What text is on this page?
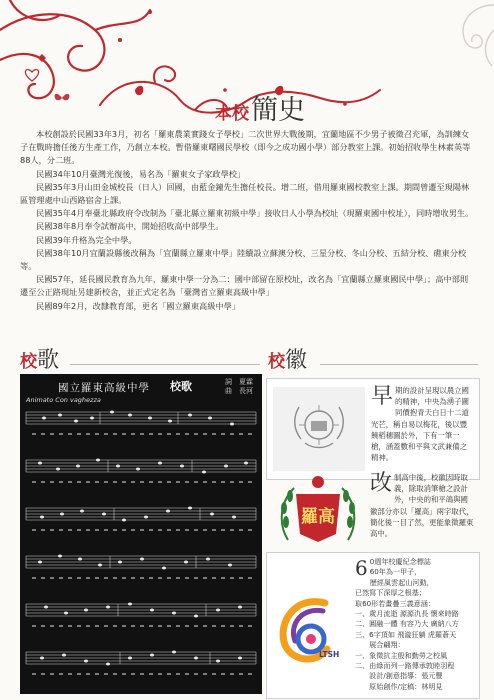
本校 簡史

本校創設於民國33年3月，初名「羅東農業實踐女子學校」二次世界大戰後期，宜蘭地區不少男子被徵召充軍，為訓練女子在戰時擔任後方生產工作，乃創立本校。暫借羅東曙國民學校（即今之成功國小學）部分教室上課。初始招收學生林素英等88人，分二班。

民國34年10月臺灣光復後，易名為「羅東女子家政學校」

民國35年3月山田金城校長（日人）回國，由藍金鐘先生擔任校長。增二班，借用羅東國校教室上課。期間曾遷至現陽林區管理處中山西路宿舍上課。

民國35年4月奉臺北縣政府令改制為「臺北縣立羅東初級中學」接收日人小學為校址（現羅東國中校址），同時增收男生。

民國38年8月奉令試辦高中，開始招收高中部學生。

民國39年升格為完全中學。

民國38年10月宜蘭設縣後改稱為「宜蘭縣立羅東中學」陸續設立蘇澳分校、三星分校、冬山分校、五結分校、礁東分校等。

民國57年，延長國民教育為九年，羅東中學一分為二：國中部留在原校址，改名為「宜蘭縣立羅東國民中學」；高中部則遷至公正路現址另建新校舍，並正式定名為「臺灣省立羅東高級中學」

民國89年2月，改隸教育部，更名「國立羅東高級中學」

校 歌	校 徽
國立羅東高級中學 校歌	詞　夏霖
曲　長河
Animato Con vaghezza	早期的設計呈現以農立國的精神，中央為湧子圖同價抱青天白日十二道光芒，稱自易以梅花，後以豐饒稻穗圖於外，下有一筆一槍，涵蓋數和平與文武兼備之精神。
羅高
改制高中後，校徽因時取義，除取消筆槍之設計外，中央的和平鴿與國徽部分亦以「羅高」兩字取代，簡化後一目了然，更能象徵羅東高中。
LTSH
6 0週年校慶紀念標誌
60年為一甲子，
歷經風雲起山河動，
已然寫下深厚之根基；
取60形若畫疊三義意涵：
一、歲月流逝 源源氿長 懷來時路
二、圓融一體 有容乃大 廣納八方
三、6字頂如 飛漩狂躺 虎羅蒼天
　　展合翩翔：
一、象徵抗主殷和勤勞之校風
二、由綠而列一路傳承敦睦羽程
　　設計/創意指導：張元豐
　　原始創作/定稿：林明見
